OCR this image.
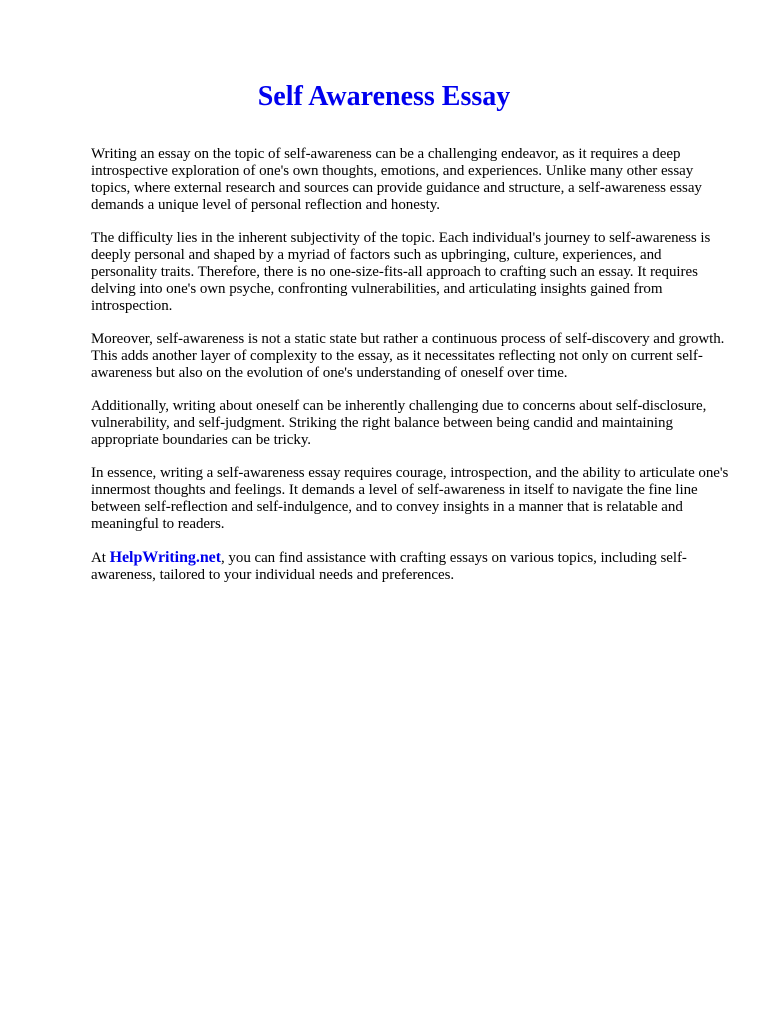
Self Awareness Essay

Writing an essay on the topic of self-awareness can be a challenging endeavor, as it requires a deep introspective exploration of one's own thoughts, emotions, and experiences. Unlike many other essay topics, where external research and sources can provide guidance and structure, a self-awareness essay demands a unique level of personal reflection and honesty.

The difficulty lies in the inherent subjectivity of the topic. Each individual's journey to self-awareness is deeply personal and shaped by a myriad of factors such as upbringing, culture, experiences, and personality traits. Therefore, there is no one-size-fits-all approach to crafting such an essay. It requires delving into one's own psyche, confronting vulnerabilities, and articulating insights gained from introspection.

Moreover, self-awareness is not a static state but rather a continuous process of self-discovery and growth. This adds another layer of complexity to the essay, as it necessitates reflecting not only on current self-awareness but also on the evolution of one's understanding of oneself over time.

Additionally, writing about oneself can be inherently challenging due to concerns about self-disclosure, vulnerability, and self-judgment. Striking the right balance between being candid and maintaining appropriate boundaries can be tricky.

In essence, writing a self-awareness essay requires courage, introspection, and the ability to articulate one's innermost thoughts and feelings. It demands a level of self-awareness in itself to navigate the fine line between self-reflection and self-indulgence, and to convey insights in a manner that is relatable and meaningful to readers.

At HelpWriting.net, you can find assistance with crafting essays on various topics, including self-awareness, tailored to your individual needs and preferences.
